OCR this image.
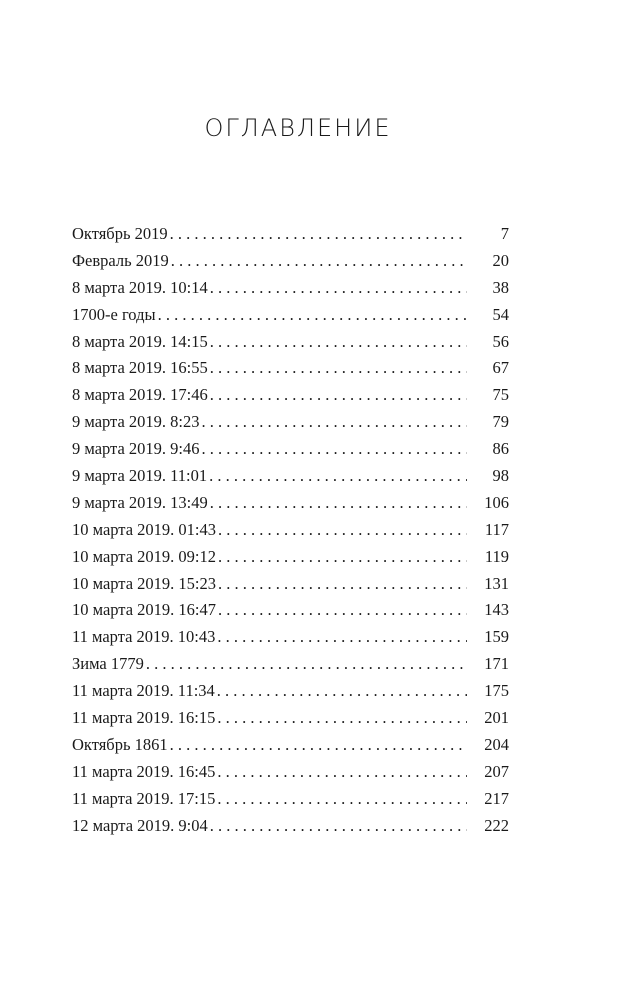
ОГЛАВЛЕНИЕ
Октябрь 2019 . . .	7
Февраль 2019 . . .	20
8 марта 2019. 10:14 . . .	38
1700-е годы . . .	54
8 марта 2019. 14:15 . . .	56
8 марта 2019. 16:55 . . .	67
8 марта 2019. 17:46 . . .	75
9 марта 2019. 8:23 . . .	79
9 марта 2019. 9:46 . . .	86
9 марта 2019. 11:01 . . .	98
9 марта 2019. 13:49 . . .	106
10 марта 2019. 01:43 . . .	117
10 марта 2019. 09:12 . . .	119
10 марта 2019. 15:23 . . .	131
10 марта 2019. 16:47 . . .	143
11 марта 2019. 10:43 . . .	159
Зима 1779 . . .	171
11 марта 2019. 11:34 . . .	175
11 марта 2019. 16:15 . . .	201
Октябрь 1861 . . .	204
11 марта 2019. 16:45 . . .	207
11 марта 2019. 17:15 . . .	217
12 марта 2019. 9:04 . . .	222
